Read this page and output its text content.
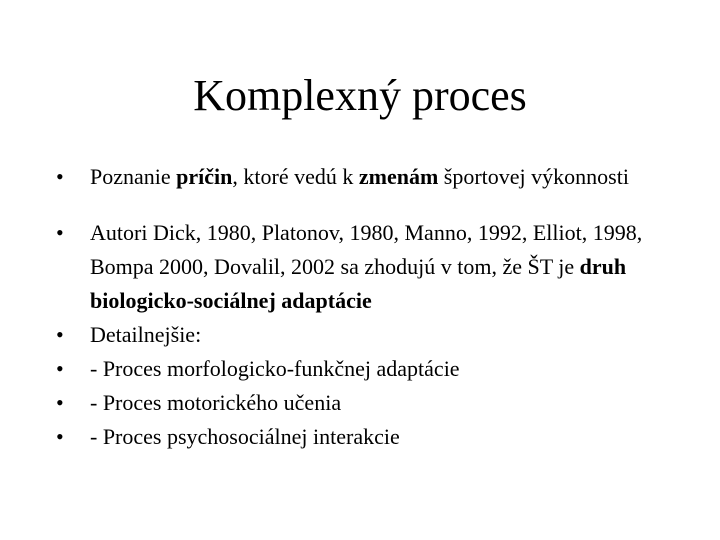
Komplexný proces
•	Poznanie príčin, ktoré vedú k zmenám športovej výkonnosti
•	Autori Dick, 1980, Platonov, 1980, Manno, 1992, Elliot, 1998, Bompa 2000, Dovalil, 2002 sa zhodujú v tom, že ŠT je druh biologicko-sociálnej adaptácie
•	Detailnejšie:
•	- Proces morfologicko-funkčnej adaptácie
•	- Proces motorického učenia
•	- Proces psychosociálnej interakcie
